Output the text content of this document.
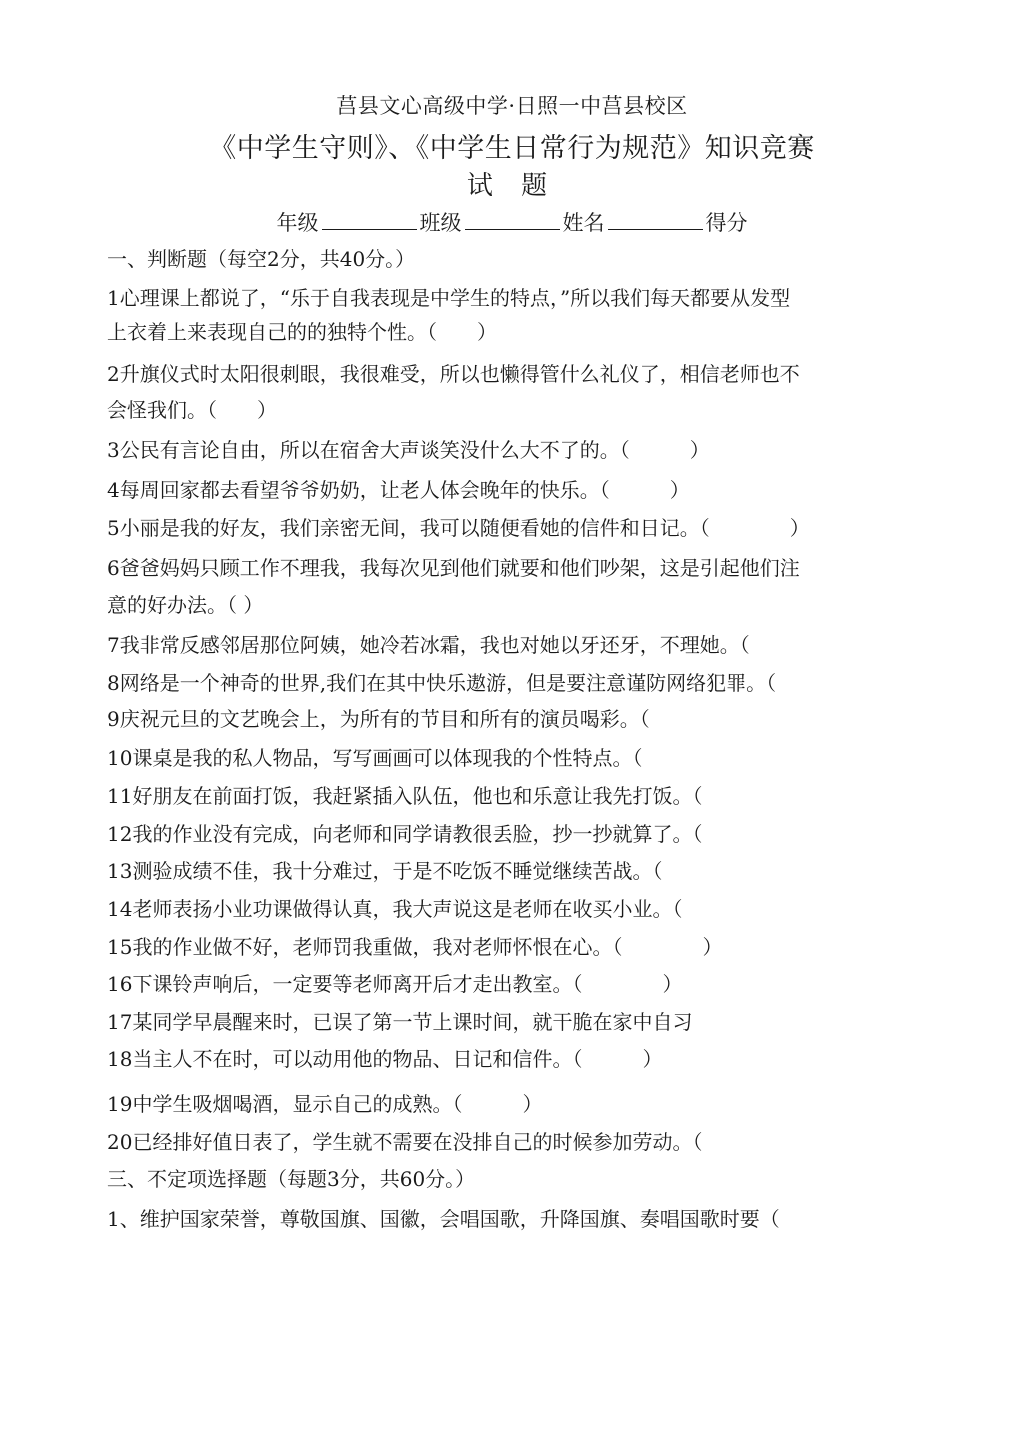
莒县文心高级中学·日照一中莒县校区
《中学生守则》、《中学生日常行为规范》知识竞赛
试 题
年级	班级	姓名	得分
一、判断题（每空2分，共40分。）
1心理课上都说了，“乐于自我表现是中学生的特点，”所以我们每天都要从发型
上衣着上来表现自己的的独特个性。（　　）
2升旗仪式时太阳很刺眼，我很难受，所以也懒得管什么礼仪了，相信老师也不
会怪我们。（　　）
3公民有言论自由，所以在宿舍大声谈笑没什么大不了的。（　　　）
4每周回家都去看望爷爷奶奶，让老人体会晚年的快乐。（　　　）
5小丽是我的好友，我们亲密无间，我可以随便看她的信件和日记。（　　　　）
6爸爸妈妈只顾工作不理我，我每次见到他们就要和他们吵架，这是引起他们注
意的好办法。（ ）
7我非常反感邻居那位阿姨，她冷若冰霜，我也对她以牙还牙，不理她。（
8网络是一个神奇的世界,我们在其中快乐遨游，但是要注意谨防网络犯罪。（
9庆祝元旦的文艺晚会上，为所有的节目和所有的演员喝彩。（
10课桌是我的私人物品，写写画画可以体现我的个性特点。（
11好朋友在前面打饭，我赶紧插入队伍，他也和乐意让我先打饭。（
12我的作业没有完成，向老师和同学请教很丢脸，抄一抄就算了。（
13测验成绩不佳，我十分难过，于是不吃饭不睡觉继续苦战。（
14老师表扬小业功课做得认真，我大声说这是老师在收买小业。（
15我的作业做不好，老师罚我重做，我对老师怀恨在心。（　　　　）
16下课铃声响后，一定要等老师离开后才走出教室。（　　　　）
17某同学早晨醒来时，已误了第一节上课时间，就干脆在家中自习
18当主人不在时，可以动用他的物品、日记和信件。（　　　）
19中学生吸烟喝酒，显示自己的成熟。（　　　）
20已经排好值日表了，学生就不需要在没排自己的时候参加劳动。（
三、不定项选择题（每题3分，共60分。）
1、维护国家荣誉，尊敬国旗、国徽，会唱国歌，升降国旗、奏唱国歌时要（
